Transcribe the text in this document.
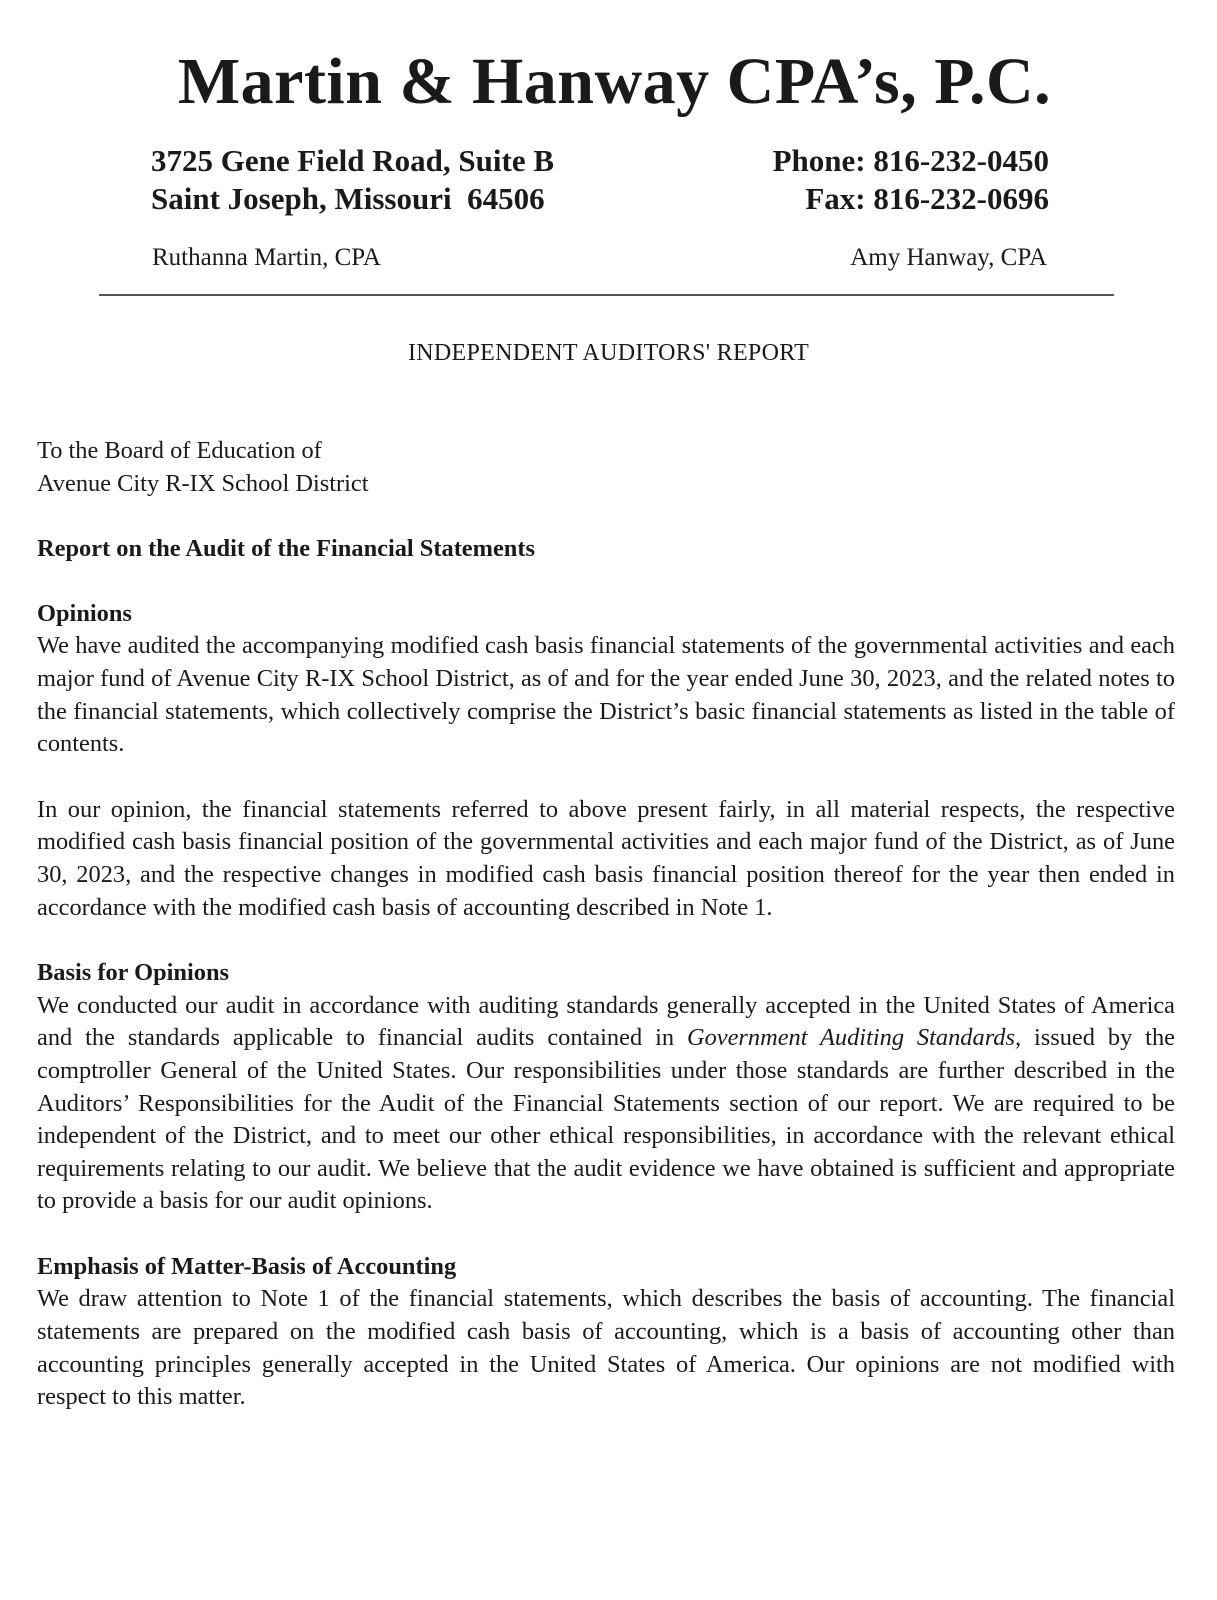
Martin & Hanway CPA’s, P.C.
3725 Gene Field Road, Suite B
Saint Joseph, Missouri  64506
Phone: 816-232-0450
Fax: 816-232-0696
Ruthanna Martin, CPA	Amy Hanway, CPA
INDEPENDENT AUDITORS' REPORT

To the Board of Education of
Avenue City R-IX School District

Report on the Audit of the Financial Statements

Opinions

We have audited the accompanying modified cash basis financial statements of the governmental activities and each major fund of Avenue City R-IX School District, as of and for the year ended June 30, 2023, and the related notes to the financial statements, which collectively comprise the District’s basic financial statements as listed in the table of contents.

In our opinion, the financial statements referred to above present fairly, in all material respects, the respective modified cash basis financial position of the governmental activities and each major fund of the District, as of June 30, 2023, and the respective changes in modified cash basis financial position thereof for the year then ended in accordance with the modified cash basis of accounting described in Note 1.

Basis for Opinions

We conducted our audit in accordance with auditing standards generally accepted in the United States of America and the standards applicable to financial audits contained in Government Auditing Standards, issued by the comptroller General of the United States. Our responsibilities under those standards are further described in the Auditors’ Responsibilities for the Audit of the Financial Statements section of our report. We are required to be independent of the District, and to meet our other ethical responsibilities, in accordance with the relevant ethical requirements relating to our audit. We believe that the audit evidence we have obtained is sufficient and appropriate to provide a basis for our audit opinions.

Emphasis of Matter-Basis of Accounting

We draw attention to Note 1 of the financial statements, which describes the basis of accounting. The financial statements are prepared on the modified cash basis of accounting, which is a basis of accounting other than accounting principles generally accepted in the United States of America. Our opinions are not modified with respect to this matter.
